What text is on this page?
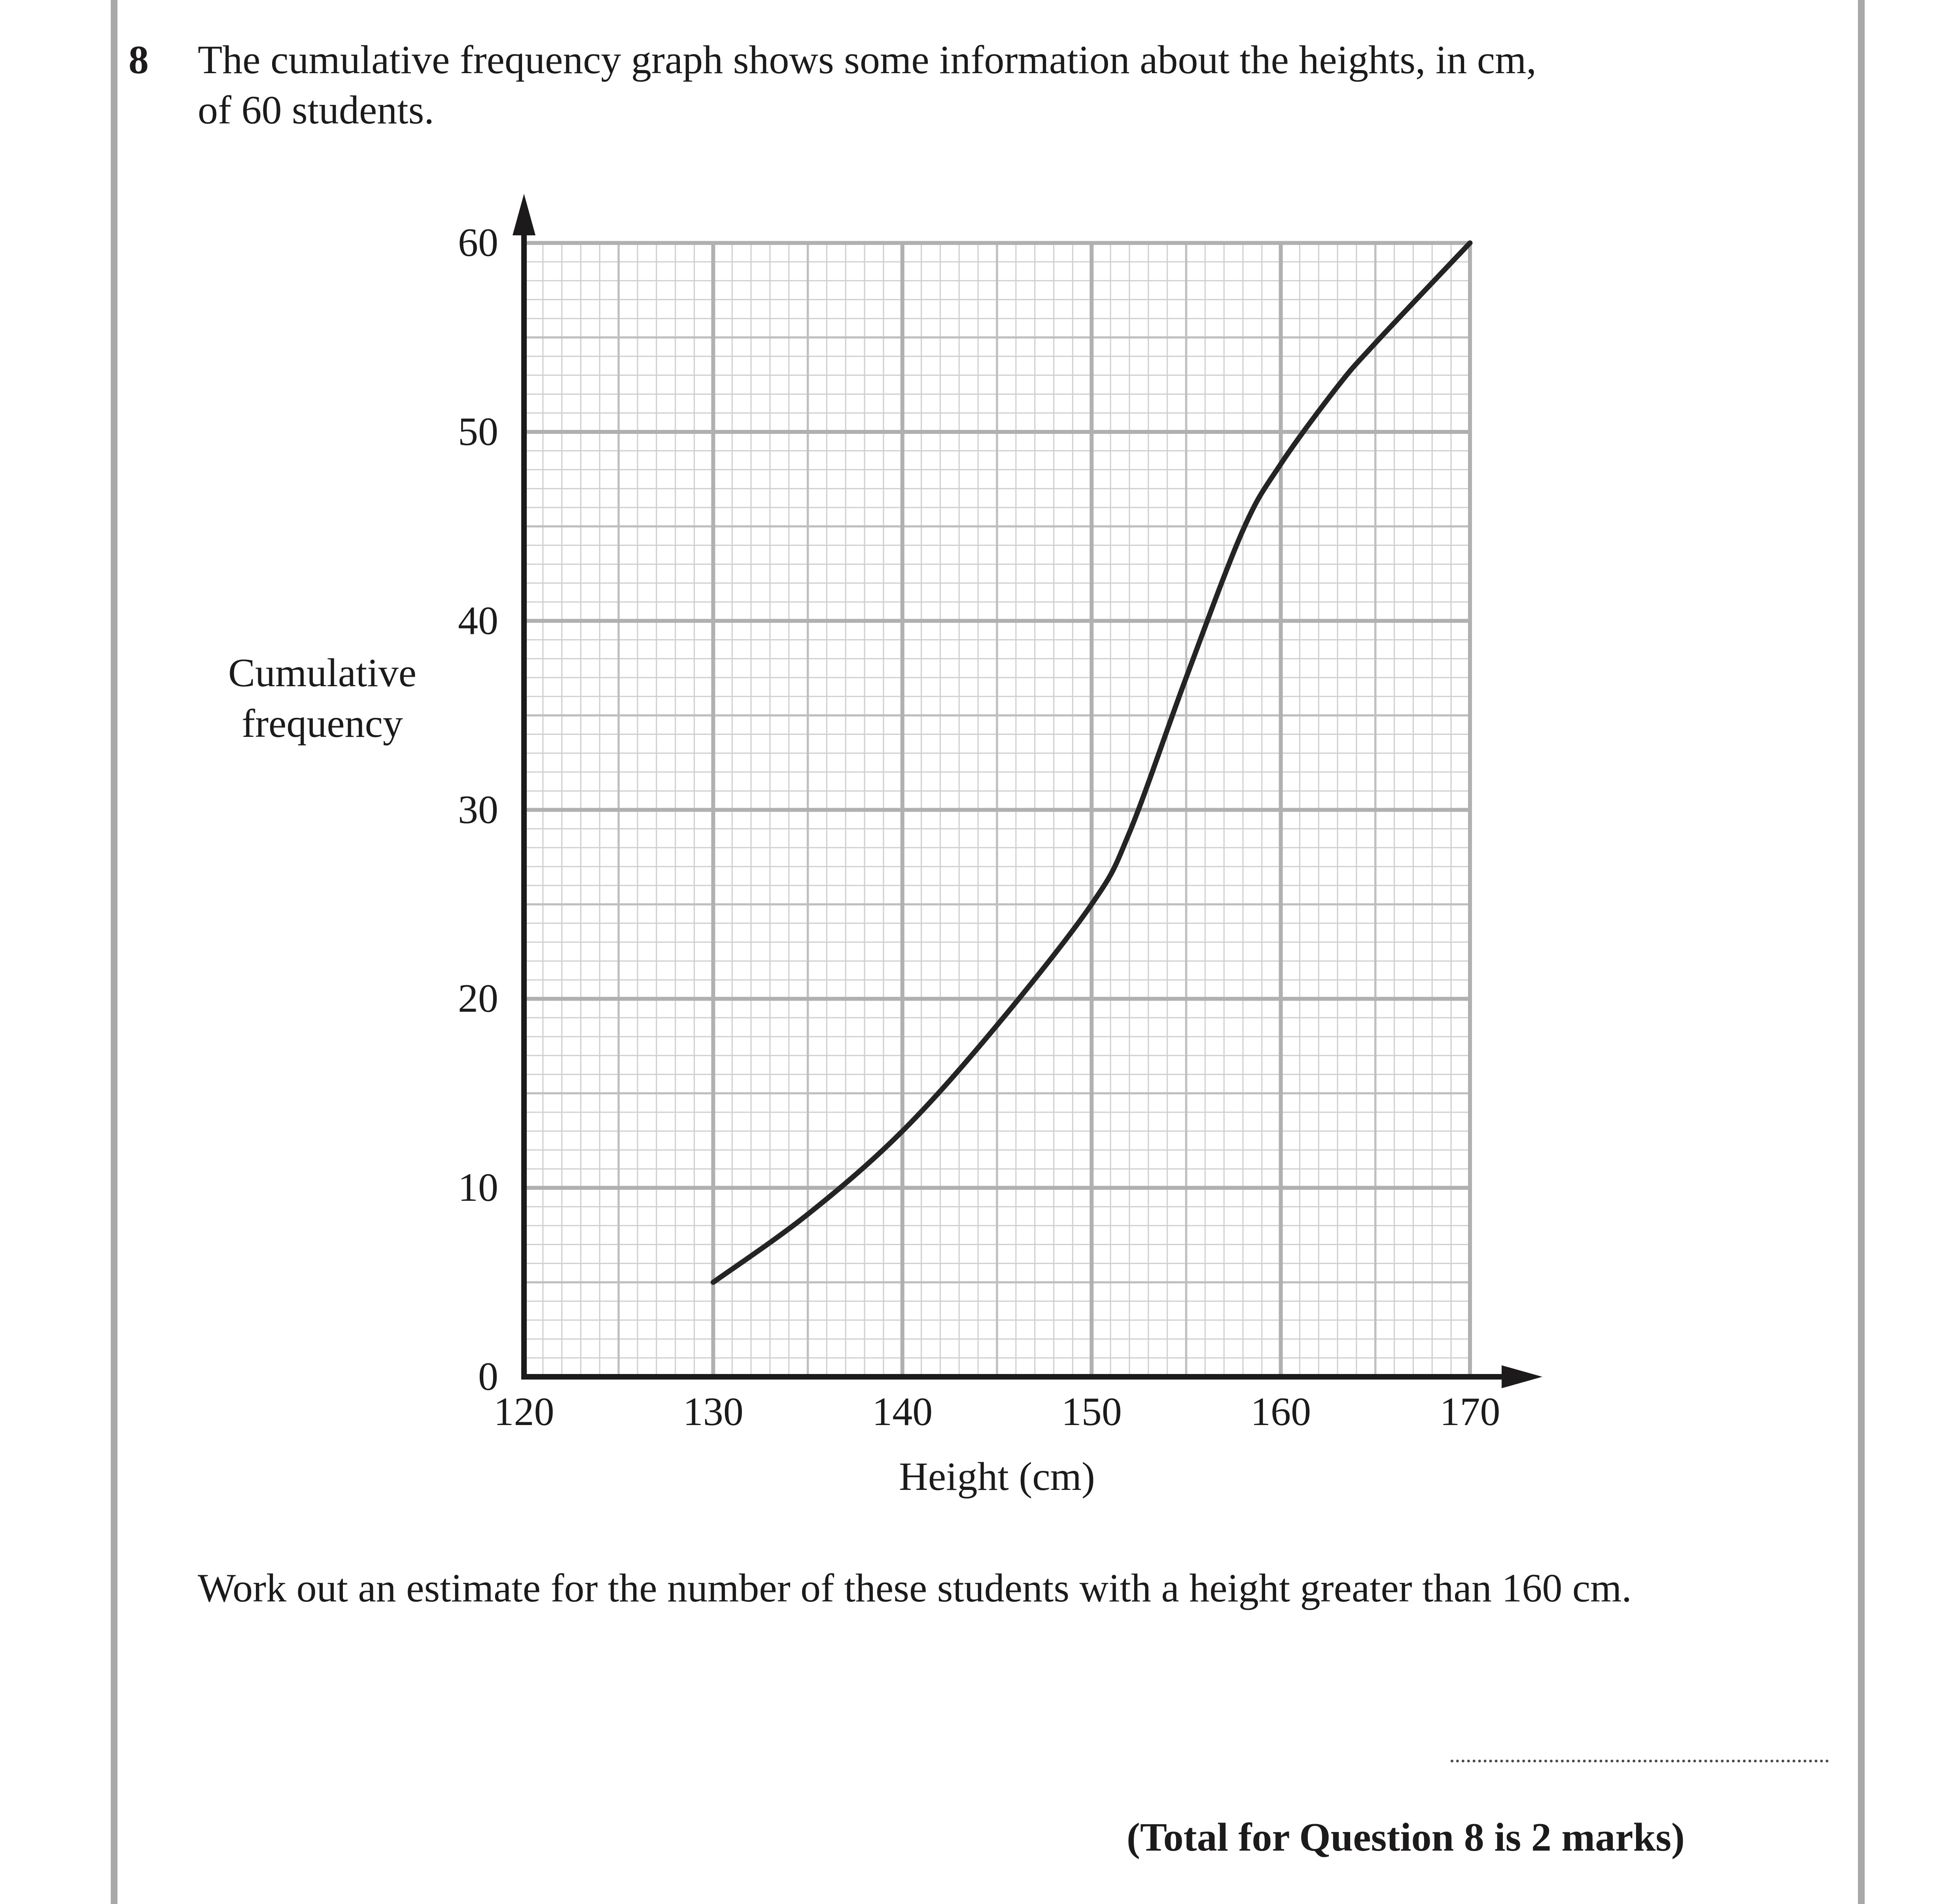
8 The cumulative frequency graph shows some information about the heights, in cm,
of 60 students.
Cumulative
frequency
0
10
20
30
40
50
60
120	130	140	150	160	170
Height (cm)
Work out an estimate for the number of these students with a height greater than 160 cm.
(Total for Question 8 is 2 marks)
